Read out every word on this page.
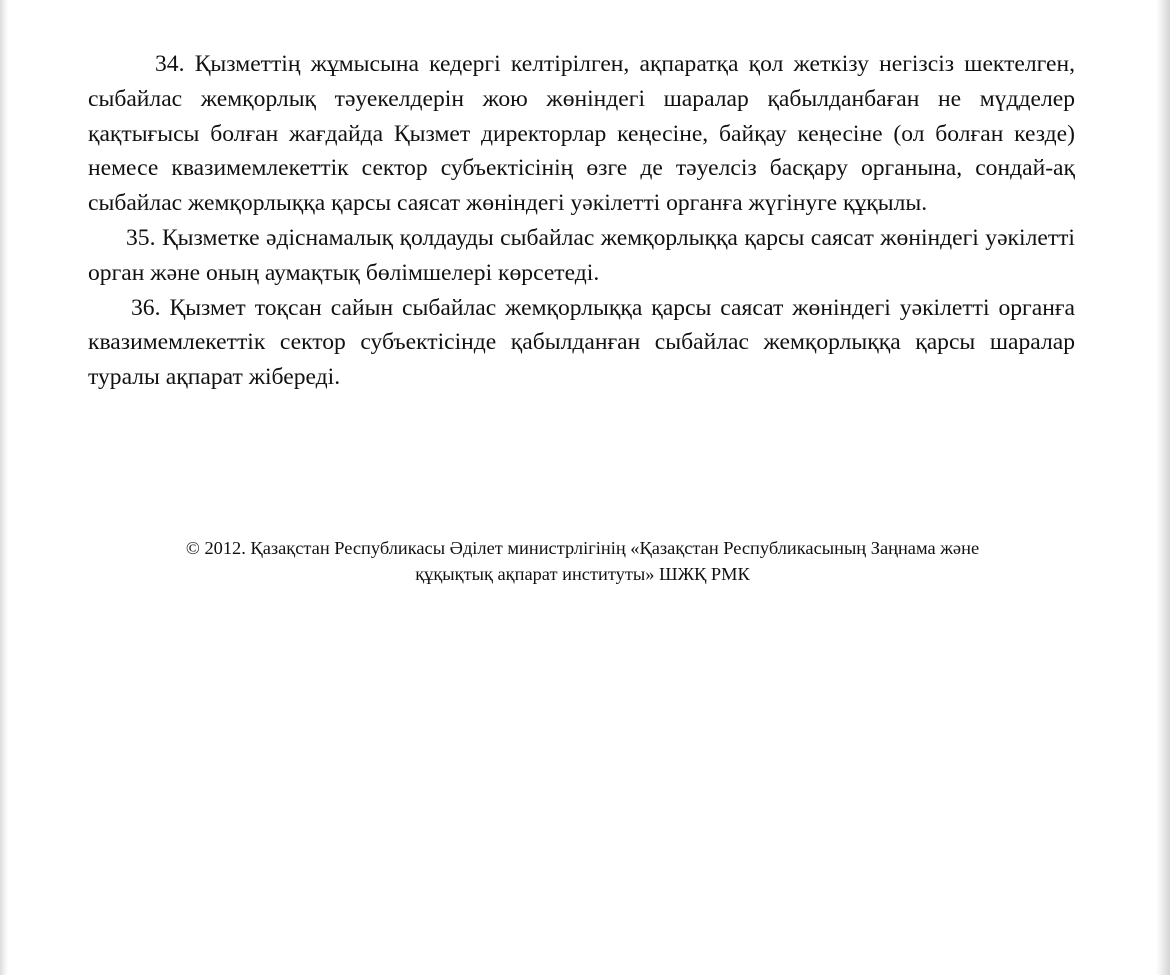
34. Қызметтің жұмысына кедергі келтірілген, ақпаратқа қол жеткізу негізсіз шектелген, сыбайлас жемқорлық тәуекелдерін жою жөніндегі шаралар қабылданбаған не мүдделер қақтығысы болған жағдайда Қызмет директорлар кеңесіне, байқау кеңесіне (ол болған кезде) немесе квазимемлекеттік сектор субъектісінің өзге де тәуелсіз басқару органына, сондай-ақ сыбайлас жемқорлыққа қарсы саясат жөніндегі уәкілетті органға жүгінуге құқылы.

35. Қызметке әдіснамалық қолдауды сыбайлас жемқорлыққа қарсы саясат жөніндегі уәкілетті орган және оның аумақтық бөлімшелері көрсетеді.

36. Қызмет тоқсан сайын сыбайлас жемқорлыққа қарсы саясат жөніндегі уәкілетті органға квазимемлекеттік сектор субъектісінде қабылданған сыбайлас жемқорлыққа қарсы шаралар туралы ақпарат жібереді.

© 2012. Қазақстан Республикасы Әділет министрлігінің «Қазақстан Республикасының Заңнама және
құқықтық ақпарат институты» ШЖҚ РМК
